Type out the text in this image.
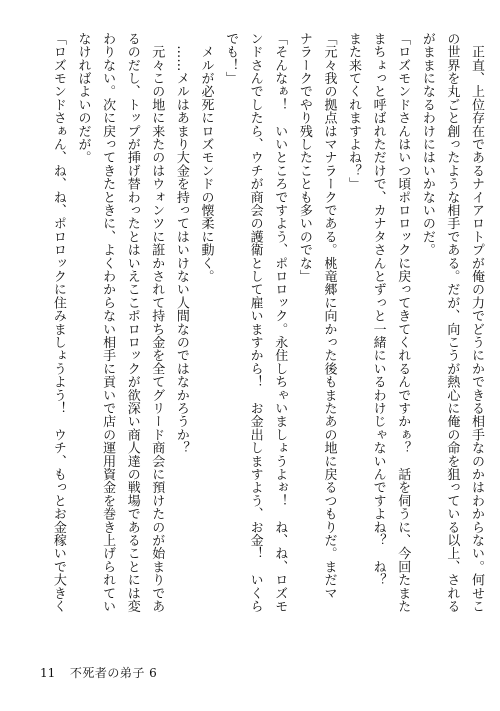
　正直、上位存在であるナイアロトプが俺の力でどうにかできる相手なのかはわからない。何せこ
の世界を丸ごと創ったような相手である。だが、向こうが熱心に俺の命を狙っている以上、される
がままになるわけにはいかないのだ。
「ロズモンドさんはいつ頃ポロロックに戻ってきてくれるんですかぁ？　話を伺うに、今回たまた
まちょっと呼ばれただけで、カナタさんとずっと一緒にいるわけじゃないんですよね？　ね？
また来てくれますよね？」
「元々我の拠点はマナラークである。桃竜郷に向かった後もまたあの地に戻るつもりだ。まだマ
ナラークでやり残したことも多いのでな」
「そんなぁ！　いいところですよう、ポロロック。永住しちゃいましょうよぉ！　ね、ね、ロズモ
ンドさんでしたら、ウチが商会の護衛として雇いますから！　お金出しますよう、お金！　いくら
でも！」
　メルが必死にロズモンドの懐柔に動く。
　……メルはあまり大金を持ってはいけない人間なのではなかろうか？
　元々この地に来たのはウォンツに誑かされて持ち金を全てグリード商会に預けたのが始まりであ
るのだし、トップが挿げ替わったとはいえここポロロックが欲深い商人達の戦場であることには変
わりない。次に戻ってきたときに、よくわからない相手に貢いで店の運用資金を巻き上げられてい
なければよいのだが。
「ロズモンドさぁん、ね、ね、ポロロックに住みましょうよう！　ウチ、もっとお金稼いで大きく
11 不死者の弟子 6
